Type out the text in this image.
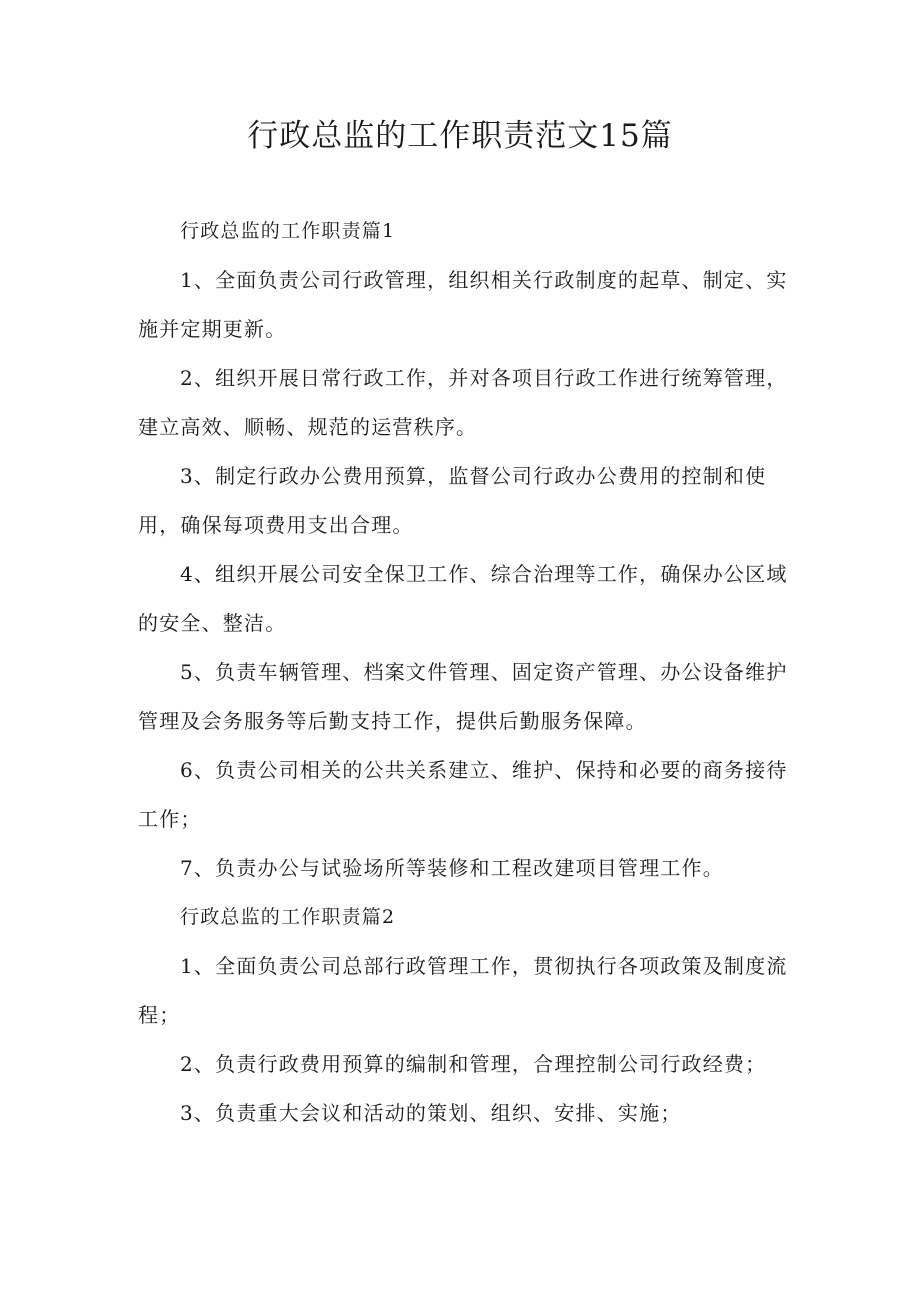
行政总监的工作职责范文15篇

行政总监的工作职责篇1

1、全面负责公司行政管理，组织相关行政制度的起草、制定、实施并定期更新。

2、组织开展日常行政工作，并对各项目行政工作进行统筹管理，建立高效、顺畅、规范的运营秩序。

3、制定行政办公费用预算，监督公司行政办公费用的控制和使用，确保每项费用支出合理。

4、组织开展公司安全保卫工作、综合治理等工作，确保办公区域的安全、整洁。

5、负责车辆管理、档案文件管理、固定资产管理、办公设备维护管理及会务服务等后勤支持工作，提供后勤服务保障。

6、负责公司相关的公共关系建立、维护、保持和必要的商务接待工作；

7、负责办公与试验场所等装修和工程改建项目管理工作。

行政总监的工作职责篇2

1、全面负责公司总部行政管理工作，贯彻执行各项政策及制度流程；

2、负责行政费用预算的编制和管理，合理控制公司行政经费；

3、负责重大会议和活动的策划、组织、安排、实施；
